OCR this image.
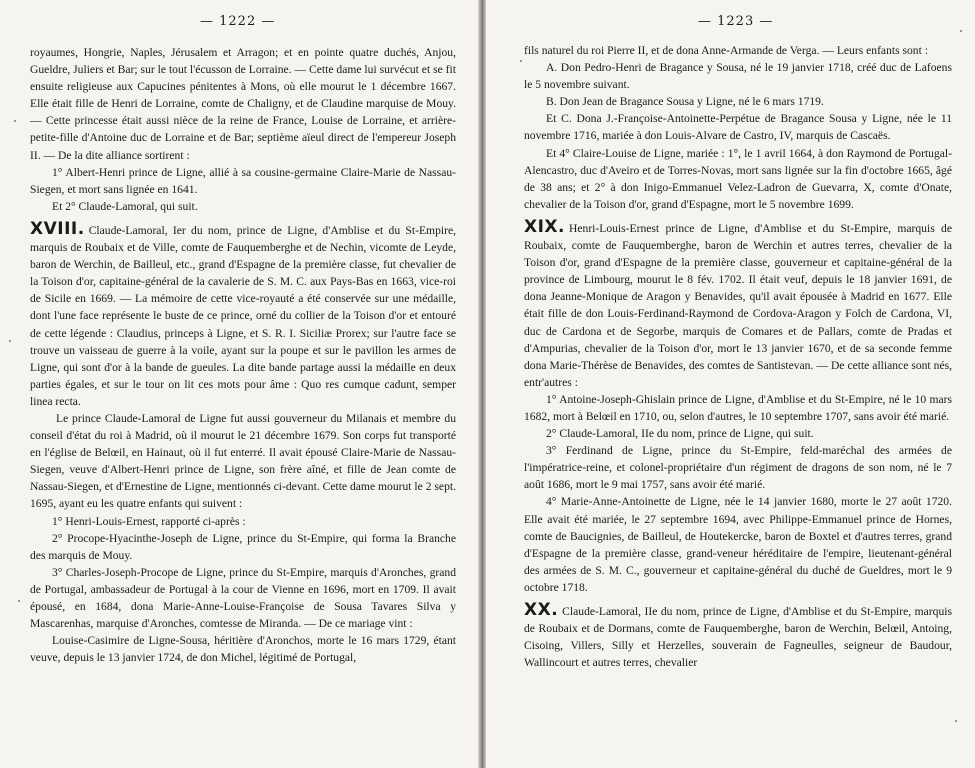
— 1222 —

royaumes, Hongrie, Naples, Jérusalem et Arragon; et en pointe quatre duchés, Anjou, Gueldre, Juliers et Bar; sur le tout l'écusson de Lorraine. — Cette dame lui survécut et se fit ensuite religieuse aux Capucines pénitentes à Mons, où elle mourut le 1 décembre 1667. Elle était fille de Henri de Lorraine, comte de Chaligny, et de Claudine marquise de Mouy. — Cette princesse était aussi nièce de la reine de France, Louise de Lorraine, et arrière-petite-fille d'Antoine duc de Lorraine et de Bar; septième aïeul direct de l'empereur Joseph II. — De la dite alliance sortirent :

1° Albert-Henri prince de Ligne, allié à sa cousine-germaine Claire-Marie de Nassau-Siegen, et mort sans lignée en 1641.

Et 2° Claude-Lamoral, qui suit.

XVIII. Claude-Lamoral, Ier du nom, prince de Ligne, d'Amblise et du St-Empire, marquis de Roubaix et de Ville, comte de Fauquemberghe et de Nechin, vicomte de Leyde, baron de Werchin, de Bailleul, etc., grand d'Espagne de la première classe, fut chevalier de la Toison d'or, capitaine-général de la cavalerie de S. M. C. aux Pays-Bas en 1663, vice-roi de Sicile en 1669. — La mémoire de cette vice-royauté a été conservée sur une médaille, dont l'une face représente le buste de ce prince, orné du collier de la Toison d'or et entouré de cette légende : Claudius, princeps à Ligne, et S. R. I. Siciliæ Prorex; sur l'autre face se trouve un vaisseau de guerre à la voile, ayant sur la poupe et sur le pavillon les armes de Ligne, qui sont d'or à la bande de gueules. La dite bande partage aussi la médaille en deux parties égales, et sur le tour on lit ces mots pour âme : Quo res cumque cadunt, semper linea recta.

Le prince Claude-Lamoral de Ligne fut aussi gouverneur du Milanais et membre du conseil d'état du roi à Madrid, où il mourut le 21 décembre 1679. Son corps fut transporté en l'église de Belœil, en Hainaut, où il fut enterré. Il avait épousé Claire-Marie de Nassau-Siegen, veuve d'Albert-Henri prince de Ligne, son frère aîné, et fille de Jean comte de Nassau-Siegen, et d'Ernestine de Ligne, mentionnés ci-devant. Cette dame mourut le 2 sept. 1695, ayant eu les quatre enfants qui suivent :

1° Henri-Louis-Ernest, rapporté ci-après :

2° Procope-Hyacinthe-Joseph de Ligne, prince du St-Empire, qui forma la Branche des marquis de Mouy.

3° Charles-Joseph-Procope de Ligne, prince du St-Empire, marquis d'Aronches, grand de Portugal, ambassadeur de Portugal à la cour de Vienne en 1696, mort en 1709. Il avait épousé, en 1684, dona Marie-Anne-Louise-Françoise de Sousa Tavares Silva y Mascarenhas, marquise d'Aronches, comtesse de Miranda. — De ce mariage vint :

Louise-Casimire de Ligne-Sousa, héritière d'Aronchos, morte le 16 mars 1729, étant veuve, depuis le 13 janvier 1724, de don Michel, légitimé de Portugal,

— 1223 —

fils naturel du roi Pierre II, et de dona Anne-Armande de Verga. — Leurs enfants sont :

A. Don Pedro-Henri de Bragance y Sousa, né le 19 janvier 1718, créé duc de Lafoens le 5 novembre suivant.

B. Don Jean de Bragance Sousa y Ligne, né le 6 mars 1719.

Et C. Dona J.-Françoise-Antoinette-Perpétue de Bragance Sousa y Ligne, née le 11 novembre 1716, mariée à don Louis-Alvare de Castro, IV, marquis de Cascaës.

Et 4° Claire-Louise de Ligne, mariée : 1°, le 1 avril 1664, à don Raymond de Portugal-Alencastro, duc d'Aveiro et de Torres-Novas, mort sans lignée sur la fin d'octobre 1665, âgé de 38 ans; et 2° à don Inigo-Emmanuel Velez-Ladron de Guevarra, X, comte d'Onate, chevalier de la Toison d'or, grand d'Espagne, mort le 5 novembre 1699.

XIX. Henri-Louis-Ernest prince de Ligne, d'Amblise et du St-Empire, marquis de Roubaix, comte de Fauquemberghe, baron de Werchin et autres terres, chevalier de la Toison d'or, grand d'Espagne de la première classe, gouverneur et capitaine-général de la province de Limbourg, mourut le 8 fév. 1702. Il était veuf, depuis le 18 janvier 1691, de dona Jeanne-Monique de Aragon y Benavides, qu'il avait épousée à Madrid en 1677. Elle était fille de don Louis-Ferdinand-Raymond de Cordova-Aragon y Folch de Cardona, VI, duc de Cardona et de Segorbe, marquis de Comares et de Pallars, comte de Pradas et d'Ampurias, chevalier de la Toison d'or, mort le 13 janvier 1670, et de sa seconde femme dona Marie-Thérèse de Benavides, des comtes de Santistevan. — De cette alliance sont nés, entr'autres :

1° Antoine-Joseph-Ghislain prince de Ligne, d'Amblise et du St-Empire, né le 10 mars 1682, mort à Belœil en 1710, ou, selon d'autres, le 10 septembre 1707, sans avoir été marié.

2° Claude-Lamoral, IIe du nom, prince de Ligne, qui suit.

3° Ferdinand de Ligne, prince du St-Empire, feld-maréchal des armées de l'impératrice-reine, et colonel-propriétaire d'un régiment de dragons de son nom, né le 7 août 1686, mort le 9 mai 1757, sans avoir été marié.

4° Marie-Anne-Antoinette de Ligne, née le 14 janvier 1680, morte le 27 août 1720. Elle avait été mariée, le 27 septembre 1694, avec Philippe-Emmanuel prince de Hornes, comte de Baucignies, de Bailleul, de Houtekercke, baron de Boxtel et d'autres terres, grand d'Espagne de la première classe, grand-veneur héréditaire de l'empire, lieutenant-général des armées de S. M. C., gouverneur et capitaine-général du duché de Gueldres, mort le 9 octobre 1718.

XX. Claude-Lamoral, IIe du nom, prince de Ligne, d'Amblise et du St-Empire, marquis de Roubaix et de Dormans, comte de Fauquemberghe, baron de Werchin, Belœil, Antoing, Cisoing, Villers, Silly et Herzelles, souverain de Fagneulles, seigneur de Baudour, Wallincourt et autres terres, chevalier
